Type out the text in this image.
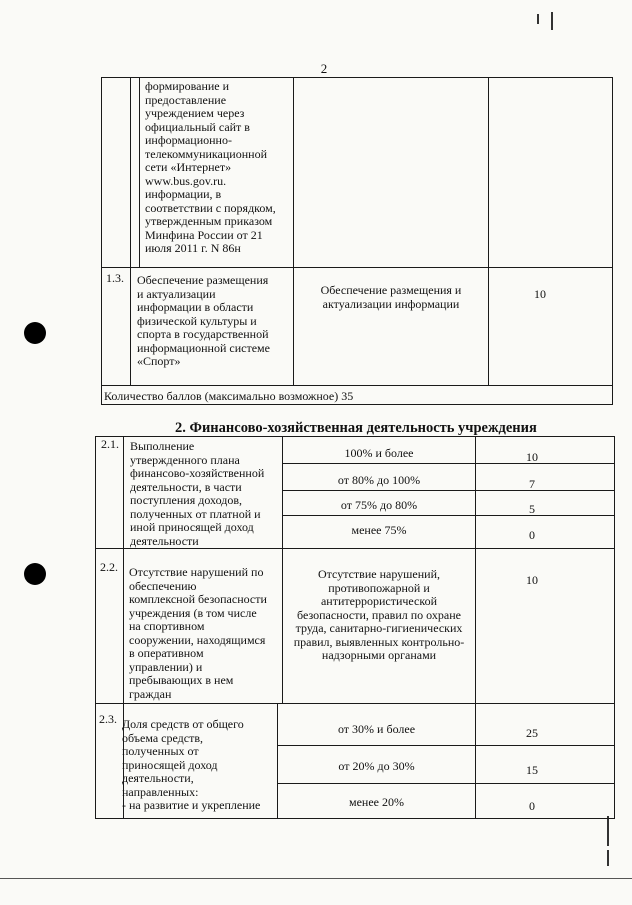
2
формирование и
предоставление
учреждением через
официальный сайт в
информационно-
телекоммуникационной
сети «Интернет»
www.bus.gov.ru.
информации, в
соответствии с порядком,
утвержденным приказом
Минфина России от 21
июля 2011 г. N 86н
1.3. Обеспечение размещения
и актуализации
информации в области
физической культуры и
спорта в государственной
информационной системе
«Спорт»
Обеспечение размещения и
актуализации информации
10
Количество баллов (максимально возможное) 35
2. Финансово-хозяйственная деятельность учреждения
2.1. Выполнение
утвержденного плана
финансово-хозяйственной
деятельности, в части
поступления доходов,
полученных от платной и
иной приносящей доход
деятельности
100% и более
от 80% до 100%
от 75% до 80%
менее 75%
10
7
5
0
2.2. Отсутствие нарушений по
обеспечению
комплексной безопасности
учреждения (в том числе
на спортивном
сооружении, находящимся
в оперативном
управлении) и
пребывающих в нем
граждан
Отсутствие нарушений,
противопожарной и
антитеррористической
безопасности, правил по охране
труда, санитарно-гигиенических
правил, выявленных контрольно-
надзорными органами
10
2.3. Доля средств от общего
объема средств,
полученных от
приносящей доход
деятельности,
направленных:
- на развитие и укрепление
от 30% и более
от 20% до 30%
менее 20%
25
15
0
